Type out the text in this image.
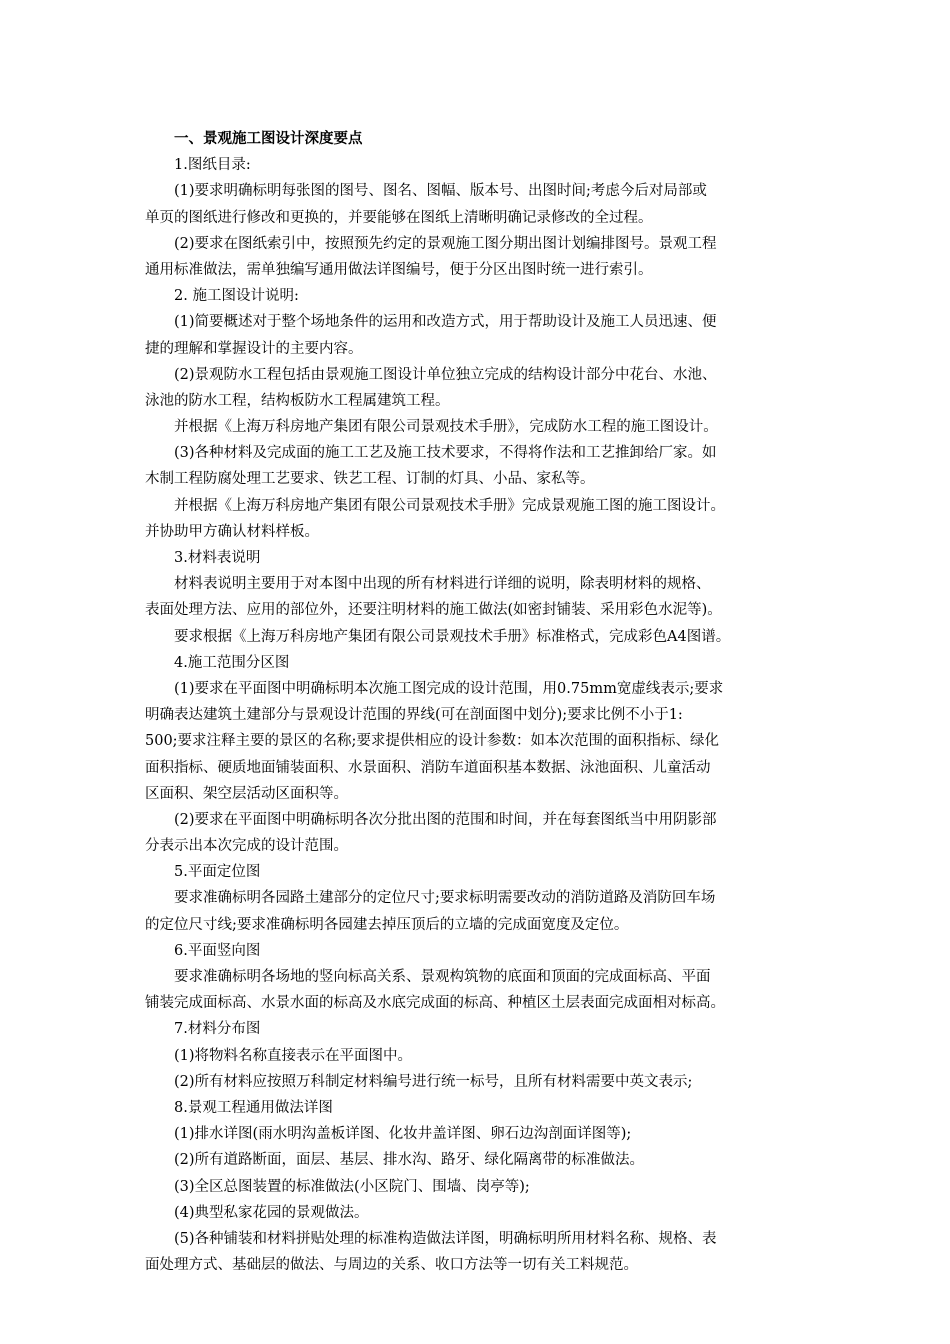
一、景观施工图设计深度要点
1.图纸目录:
(1)要求明确标明每张图的图号、图名、图幅、版本号、出图时间;考虑今后对局部或
单页的图纸进行修改和更换的，并要能够在图纸上清晰明确记录修改的全过程。
(2)要求在图纸索引中，按照预先约定的景观施工图分期出图计划编排图号。景观工程
通用标准做法，需单独编写通用做法详图编号，便于分区出图时统一进行索引。
2. 施工图设计说明:
(1)简要概述对于整个场地条件的运用和改造方式，用于帮助设计及施工人员迅速、便
捷的理解和掌握设计的主要内容。
(2)景观防水工程包括由景观施工图设计单位独立完成的结构设计部分中花台、水池、
泳池的防水工程，结构板防水工程属建筑工程。
并根据《上海万科房地产集团有限公司景观技术手册》，完成防水工程的施工图设计。
(3)各种材料及完成面的施工工艺及施工技术要求，不得将作法和工艺推卸给厂家。如
木制工程防腐处理工艺要求、铁艺工程、订制的灯具、小品、家私等。
并根据《上海万科房地产集团有限公司景观技术手册》完成景观施工图的施工图设计。
并协助甲方确认材料样板。
3.材料表说明
材料表说明主要用于对本图中出现的所有材料进行详细的说明，除表明材料的规格、
表面处理方法、应用的部位外，还要注明材料的施工做法(如密封铺装、采用彩色水泥等)。
要求根据《上海万科房地产集团有限公司景观技术手册》标准格式，完成彩色A4图谱。
4.施工范围分区图
(1)要求在平面图中明确标明本次施工图完成的设计范围，用0.75mm宽虚线表示;要求
明确表达建筑土建部分与景观设计范围的界线(可在剖面图中划分);要求比例不小于1:
500;要求注释主要的景区的名称;要求提供相应的设计参数：如本次范围的面积指标、绿化
面积指标、硬质地面铺装面积、水景面积、消防车道面积基本数据、泳池面积、儿童活动
区面积、架空层活动区面积等。
(2)要求在平面图中明确标明各次分批出图的范围和时间，并在每套图纸当中用阴影部
分表示出本次完成的设计范围。
5.平面定位图
要求准确标明各园路土建部分的定位尺寸;要求标明需要改动的消防道路及消防回车场
的定位尺寸线;要求准确标明各园建去掉压顶后的立墙的完成面宽度及定位。
6.平面竖向图
要求准确标明各场地的竖向标高关系、景观构筑物的底面和顶面的完成面标高、平面
铺装完成面标高、水景水面的标高及水底完成面的标高、种植区土层表面完成面相对标高。
7.材料分布图
(1)将物料名称直接表示在平面图中。
(2)所有材料应按照万科制定材料编号进行统一标号，且所有材料需要中英文表示;
8.景观工程通用做法详图
(1)排水详图(雨水明沟盖板详图、化妆井盖详图、卵石边沟剖面详图等);
(2)所有道路断面，面层、基层、排水沟、路牙、绿化隔离带的标准做法。
(3)全区总图装置的标准做法(小区院门、围墙、岗亭等);
(4)典型私家花园的景观做法。
(5)各种铺装和材料拼贴处理的标准构造做法详图，明确标明所用材料名称、规格、表
面处理方式、基础层的做法、与周边的关系、收口方法等一切有关工料规范。
